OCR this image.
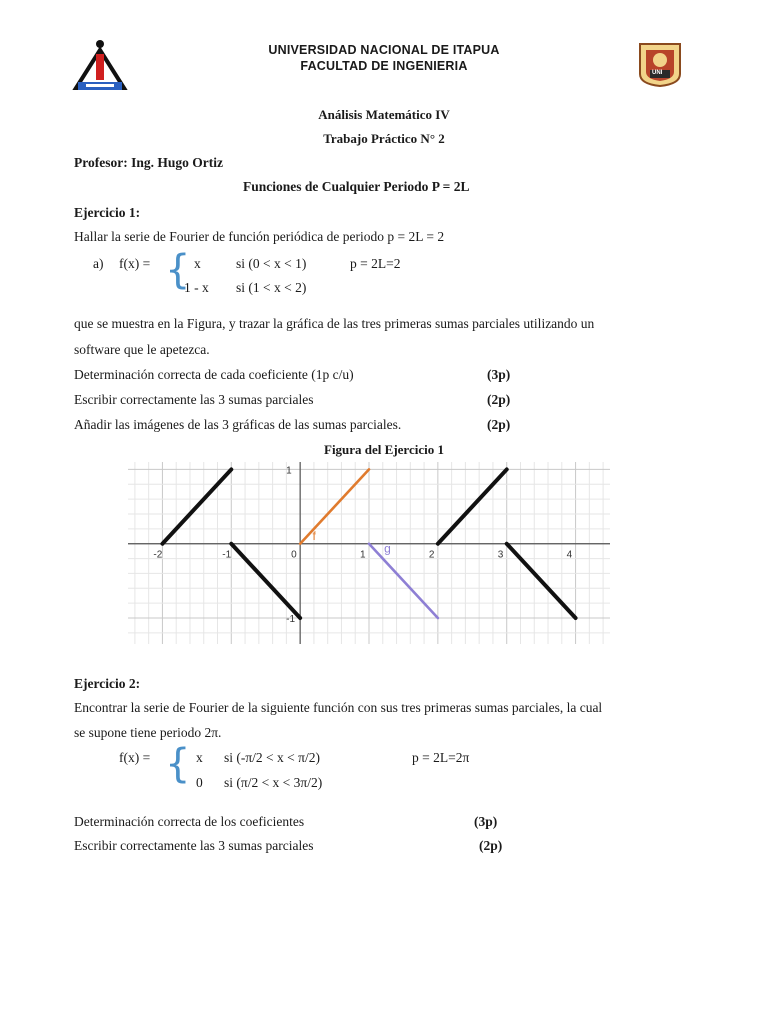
UNI
UNIVERSIDAD NACIONAL DE ITAPUA
FACULTAD DE INGENIERIA
Análisis Matemático IV
Trabajo Práctico N° 2
Profesor: Ing. Hugo Ortiz
Funciones de Cualquier Periodo P = 2L
Ejercicio 1:
Hallar la serie de Fourier de función periódica de periodo p = 2L = 2
a) f(x) = { x	si (0 < x < 1)	p = 2L=2
1 - x si (1 < x < 2)
que se muestra en la Figura, y trazar la gráfica de las tres primeras sumas parciales utilizando un
software que le apetezca.
Determinación correcta de cada coeficiente (1p c/u)	(3p)
Escribir correctamente las 3 sumas parciales	(2p)
Añadir las imágenes de las 3 gráficas de las sumas parciales.	(2p)
Figura del Ejercicio 1
-2	-1	0	1	2	3	4
1
-1
f
g
Ejercicio 2:
Encontrar la serie de Fourier de la siguiente función con sus tres primeras sumas parciales, la cual
se supone tiene periodo 2π.
f(x) = { x si (-π/2 < x < π/2)	p = 2L=2π
0 si (π/2 < x < 3π/2)
Determinación correcta de los coeficientes	(3p)
Escribir correctamente las 3 sumas parciales	(2p)
